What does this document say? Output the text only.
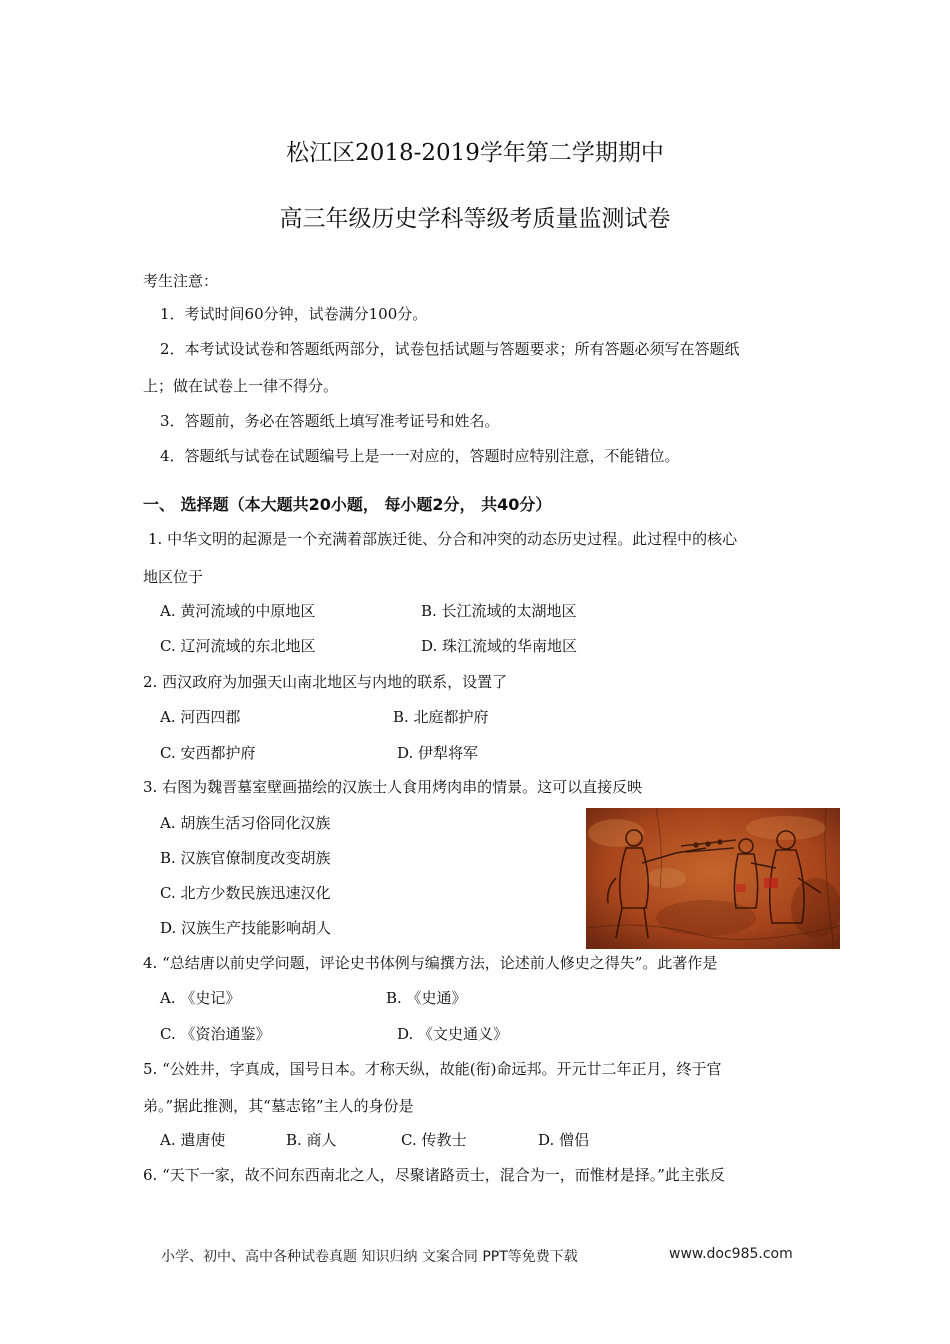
松江区2018-2019学年第二学期期中
高三年级历史学科等级考质量监测试卷
考生注意：
1．考试时间60分钟，试卷满分100分。
2．本考试设试卷和答题纸两部分，试卷包括试题与答题要求；所有答题必须写在答题纸
上；做在试卷上一律不得分。
3．答题前，务必在答题纸上填写准考证号和姓名。
4．答题纸与试卷在试题编号上是一一对应的，答题时应特别注意，不能错位。
一、 选择题（本大题共20小题， 每小题2分， 共40分）
1. 中华文明的起源是一个充满着部族迁徙、分合和冲突的动态历史过程。此过程中的核心
地区位于
A. 黄河流域的中原地区	B. 长江流域的太湖地区
C. 辽河流域的东北地区	D. 珠江流域的华南地区
2. 西汉政府为加强天山南北地区与内地的联系，设置了
A. 河西四郡	B. 北庭都护府
C. 安西都护府	D. 伊犁将军
3. 右图为魏晋墓室壁画描绘的汉族士人食用烤肉串的情景。这可以直接反映
A. 胡族生活习俗同化汉族
B. 汉族官僚制度改变胡族
C. 北方少数民族迅速汉化
D. 汉族生产技能影响胡人
4. “总结唐以前史学问题，评论史书体例与编撰方法，论述前人修史之得失”。此著作是
A. 《史记》	B. 《史通》
C. 《资治通鉴》	D. 《文史通义》
5. “公姓井，字真成，国号日本。才称天纵，故能(衔)命远邦。开元廿二年正月，终于官
弟。”据此推测，其“墓志铭”主人的身份是
A. 遣唐使	B. 商人	C. 传教士	D. 僧侣
6. “天下一家，故不问东西南北之人，尽聚诸路贡士，混合为一，而惟材是择。”此主张反
小学、初中、高中各种试卷真题 知识归纳 文案合同 PPT等免费下载	www.doc985.com
